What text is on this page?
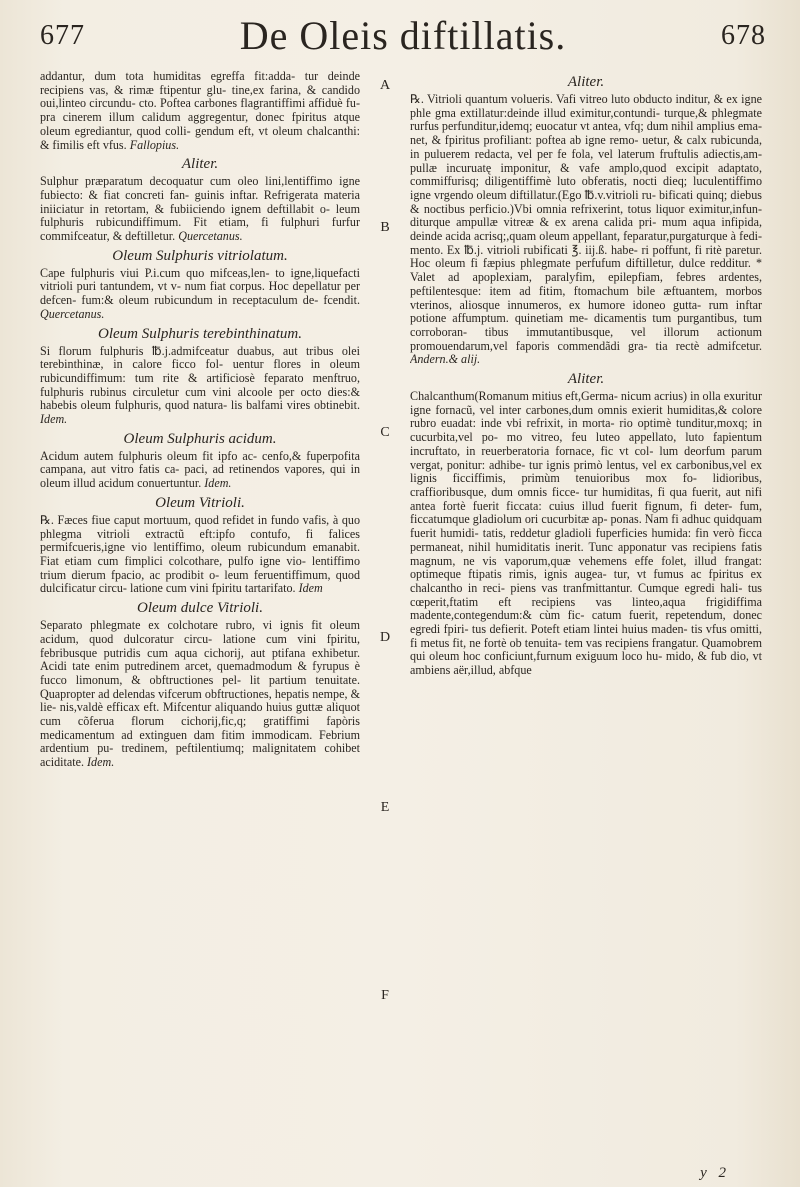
677	De Oleis diftillatis.	678

addantur, dum tota humiditas egreffa fit:adda- tur deinde recipiens vas, & rimæ ftipentur glu- tine,ex farina, & candido oui,linteo circundu- cto. Poftea carbones flagrantiffimi affiduè fu- pra cinerem illum calidum aggregentur, donec fpiritus atque oleum egrediantur, quod colli- gendum eft, vt oleum chalcanthi: & fimilis eft vfus. Fallopius.

Aliter.

Sulphur præparatum decoquatur cum oleo lini,lentiffimo igne fubiecto: & fiat concreti fan- guinis inftar. Refrigerata materia iniiciatur in retortam, & fubiiciendo ignem deftillabit o- leum fulphuris rubicundiffimum. Fit etiam, fi fulphuri furfur commifceatur, & deftilletur. Quercetanus.

Oleum Sulphuris vitriolatum.

Cape fulphuris viui P.i.cum quo mifceas,len- to igne,liquefacti vitrioli puri tantundem, vt v- num fiat corpus. Hoc depellatur per defcen- fum:& oleum rubicundum in receptaculum de- fcendit. Quercetanus.

Oleum Sulphuris terebinthinatum.

Si florum fulphuris ℔.j.admifceatur duabus, aut tribus olei terebinthinæ, in calore ficco fol- uentur flores in oleum rubicundiffimum: tum rite & artificiosè feparato menftruo, fulphuris rubinus circuletur cum vini alcoole per octo dies:& habebis oleum fulphuris, quod natura- lis balfami vires obtinebit. Idem.

Oleum Sulphuris acidum.

Acidum autem fulphuris oleum fit ipfo ac- cenfo,& fuperpofita campana, aut vitro fatis ca- paci, ad retinendos vapores, qui in oleum illud acidum conuertuntur. Idem.

Oleum Vitrioli.

℞. Fæces fiue caput mortuum, quod refidet in fundo vafis, à quo phlegma vitrioli extractũ eft:ipfo contufo, fi falices permifcueris,igne vio lentiffimo, oleum rubicundum emanabit. Fiat etiam cum fimplici colcothare, pulfo igne vio- lentiffimo trium dierum fpacio, ac prodibit o- leum feruentiffimum, quod dulcificatur circu- latione cum vini fpiritu tartarifato. Idem

Oleum dulce Vitrioli.

Separato phlegmate ex colchotare rubro, vi ignis fit oleum acidum, quod dulcoratur circu- latione cum vini fpiritu, febribusque putridis cum aqua cichorij, aut ptifana exhibetur. Acidi tate enim putredinem arcet, quemadmodum & fyrupus è fucco limonum, & obftructiones pel- lit partium tenuitate. Quapropter ad delendas vifcerum obftructiones, hepatis nempe, & lie- nis,valdè efficax eft. Mifcentur aliquando huius guttæ aliquot cum cõferua florum cichorij,fic,q; gratiffimi fapòris medicamentum ad extinguen dam fitim immodicam. Febrium ardentium pu- tredinem, peftilentiumq; malignitatem cohibet aciditate. Idem.

A
B
C
D
E
F
Aliter.

℞. Vitrioli quantum volueris. Vafi vitreo luto obducto inditur, & ex igne phle gma extillatur:deinde illud eximitur,contundi- turque,& phlegmate rurfus perfunditur,idemq; euocatur vt antea, vfq; dum nihil amplius ema- net, & fpiritus profiliant: poftea ab igne remo- uetur, & calx rubicunda, in puluerem redacta, vel per fe fola, vel laterum fruftulis adiectis,am- pullæ incuruatę imponitur, & vafe amplo,quod excipit adaptato, commiffurisq; diligentiffimè luto obferatis, nocti dieq; luculentiffimo igne vrgendo oleum diftillatur.(Ego ℔.v.vitrioli ru- bificati quinq; diebus & noctibus perficio.)Vbi omnia refrixerint, totus liquor eximitur,infun- diturque ampullæ vitreæ & ex arena calida pri- mum aqua infipida, deinde acida acrisq;,quam oleum appellant, feparatur,purgaturque à fedi- mento. Ex ℔.j. vitrioli rubificati ℥. iij.ß. habe- ri poffunt, fi ritè paretur. Hoc oleum fi fæpius phlegmate perfufum diftilletur, dulce redditur. * Valet ad apoplexiam, paralyfim, epilepfiam, febres ardentes, peftilentesque: item ad fitim, ftomachum bile æftuantem, morbos vterinos, aliosque innumeros, ex humore idoneo gutta- rum inftar potione affumptum. quinetiam me- dicamentis tum purgantibus, tum corroboran- tibus immutantibusque, vel illorum actionum promouendarum,vel faporis commendãdi gra- tia rectè admifcetur. Andern.& alij.

Aliter.

Chalcanthum(Romanum mitius eft,Germa- nicum acrius) in olla exuritur igne fornacũ, vel inter carbones,dum omnis exierit humiditas,& colore rubro euadat: inde vbi refrixit, in morta- rio optimè tunditur,moxq; in cucurbita,vel po- mo vitreo, feu luteo appellato, luto fapientum incruftato, in reuerberatoria fornace, fic vt col- lum deorfum parum vergat, ponitur: adhibe- tur ignis primò lentus, vel ex carbonibus,vel ex lignis ficciffimis, primùm tenuioribus mox fo- lidioribus, craffioribusque, dum omnis ficce- tur humiditas, fi qua fuerit, aut nifi antea fortè fuerit ficcata: cuius illud fuerit fignum, fi deter- fum, ficcatumque gladiolum ori cucurbitæ ap- ponas. Nam fi adhuc quidquam fuerit humidi- tatis, reddetur gladioli fuperficies humida: fin verò ficca permaneat, nihil humiditatis inerit. Tunc apponatur vas recipiens fatis magnum, ne vis vaporum,quæ vehemens effe folet, illud frangat: optimeque ftipatis rimis, ignis augea- tur, vt fumus ac fpiritus ex chalcantho in reci- piens vas tranfmittantur. Cumque egredi hali- tus cœperit,ftatim eft recipiens vas linteo,aqua frigidiffima madente,contegendum:& cùm fic- catum fuerit, repetendum, donec egredi fpiri- tus defierit. Poteft etiam lintei huius maden- tis vfus omitti, fi metus fit, ne fortè ob tenuita- tem vas recipiens frangatur. Quamobrem qui oleum hoc conficiunt,furnum exiguum loco hu- mido, & fub dio, vt ambiens aër,illud, abfque

y 2
